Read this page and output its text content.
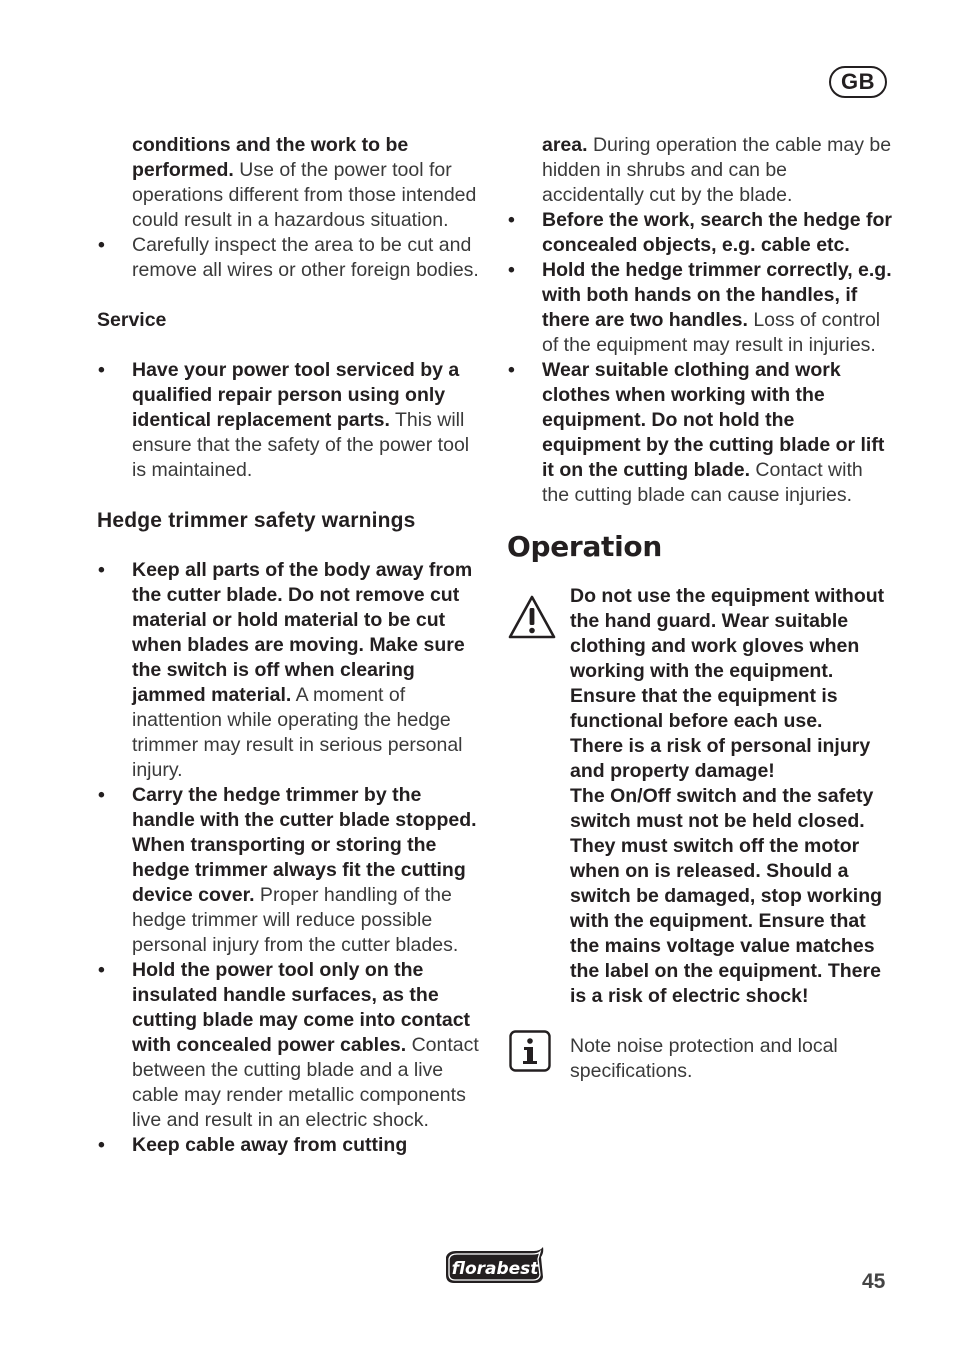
GB
conditions and the work to be performed. Use of the power tool for operations different from those intended could result in a hazardous situation.
• Carefully inspect the area to be cut and remove all wires or other foreign bodies.
Service
• Have your power tool serviced by a qualified repair person using only identical replacement parts. This will ensure that the safety of the power tool is maintained.
Hedge trimmer safety warnings
• Keep all parts of the body away from the cutter blade. Do not remove cut material or hold material to be cut when blades are moving. Make sure the switch is off when clearing jammed material. A moment of inattention while operating the hedge trimmer may result in serious personal injury.
• Carry the hedge trimmer by the handle with the cutter blade stopped. When transporting or storing the hedge trimmer always fit the cutting device cover. Proper handling of the hedge trimmer will reduce possible personal injury from the cutter blades.
• Hold the power tool only on the insulated handle surfaces, as the cutting blade may come into contact with concealed power cables. Contact between the cutting blade and a live cable may render metallic components live and result in an electric shock.
• Keep cable away from cutting
area. During operation the cable may be hidden in shrubs and can be accidentally cut by the blade.
• Before the work, search the hedge for concealed objects, e.g. cable etc.
• Hold the hedge trimmer correctly, e.g. with both hands on the handles, if there are two handles. Loss of control of the equipment may result in injuries.
• Wear suitable clothing and work clothes when working with the equipment. Do not hold the equipment by the cutting blade or lift it on the cutting blade. Contact with the cutting blade can cause injuries.
Operation
Do not use the equipment without the hand guard. Wear suitable clothing and work gloves when working with the equipment. Ensure that the equipment is functional before each use.
There is a risk of personal injury and property damage!
The On/Off switch and the safety switch must not be held closed. They must switch off the motor when on is released. Should a switch be damaged, stop working with the equipment. Ensure that the mains voltage value matches the label on the equipment. There is a risk of electric shock!
Note noise protection and local specifications.
florabest
45
